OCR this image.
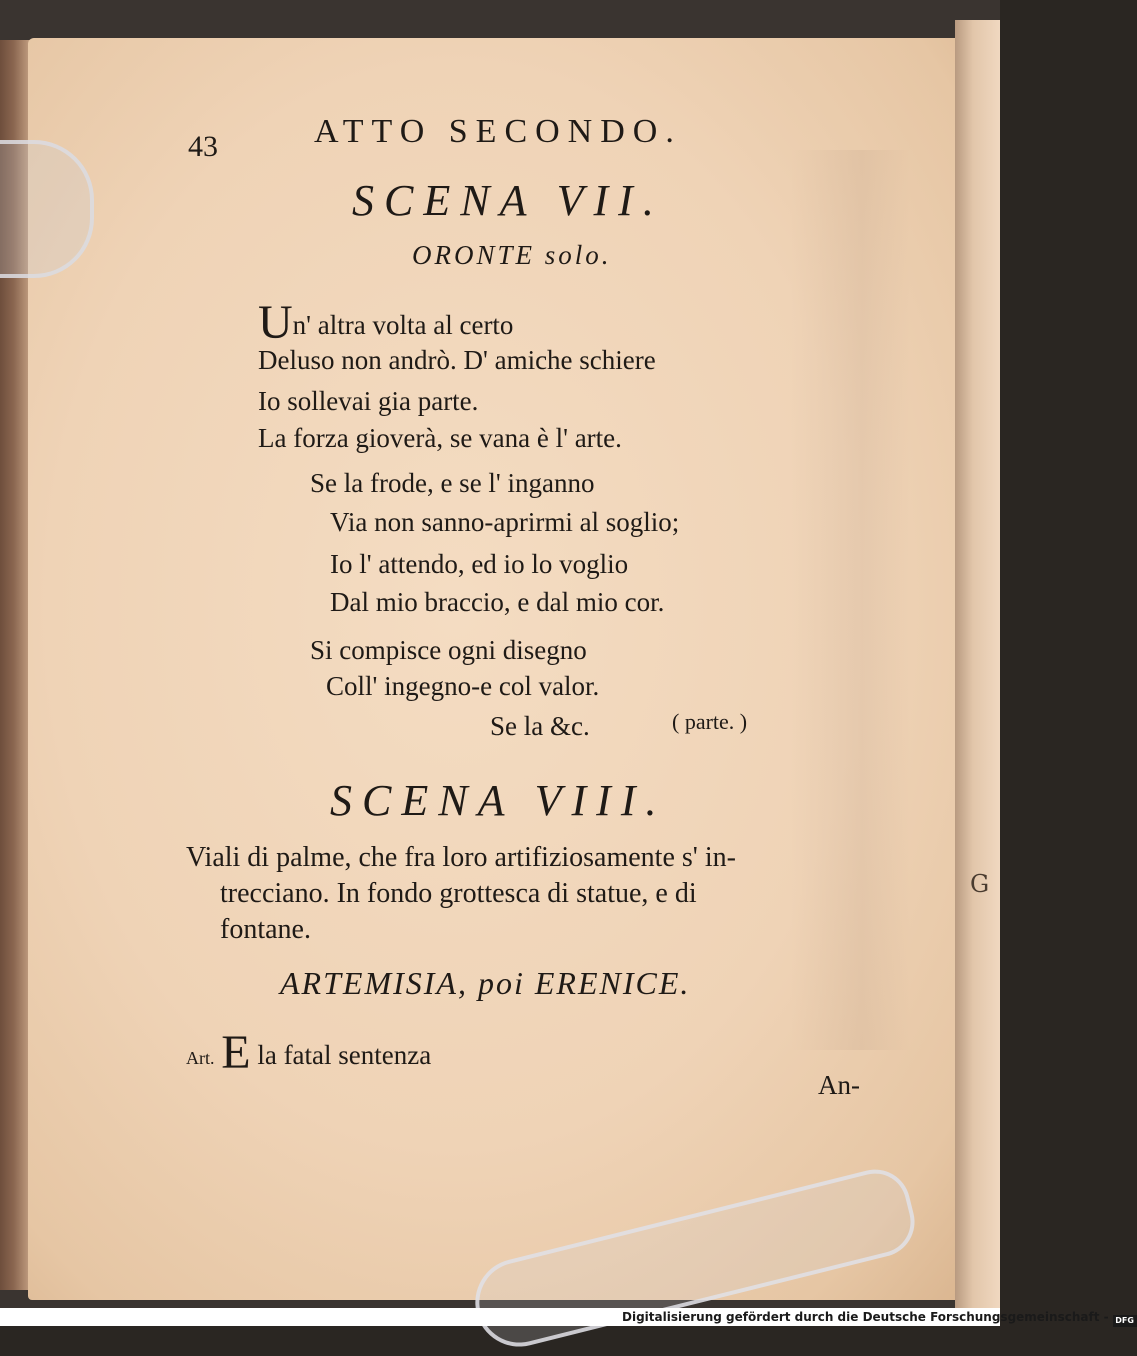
43	ATTO SECONDO.
SCENA VII.
ORONTE solo.
Un' altra volta al certo
Deluso non andrò. D' amiche schiere
Io sollevai gia parte.
La forza gioverà, se vana è l' arte.
Se la frode, e se l' inganno
Via non sanno-aprirmi al soglio;
Io l' attendo, ed io lo voglio
Dal mio braccio, e dal mio cor.
Si compisce ogni disegno
Coll' ingegno-e col valor.
Se la &c.	( parte. )
SCENA VIII.
Viali di palme, che fra loro artifiziosamente s' in-
trecciano. In fondo grottesca di statue, e di
fontane.
ARTEMISIA, poi ERENICE.
Art. E la fatal sentenza
An-
G
Digitalisierung gefördert durch die Deutsche Forschungsgemeinschaft - DFG
